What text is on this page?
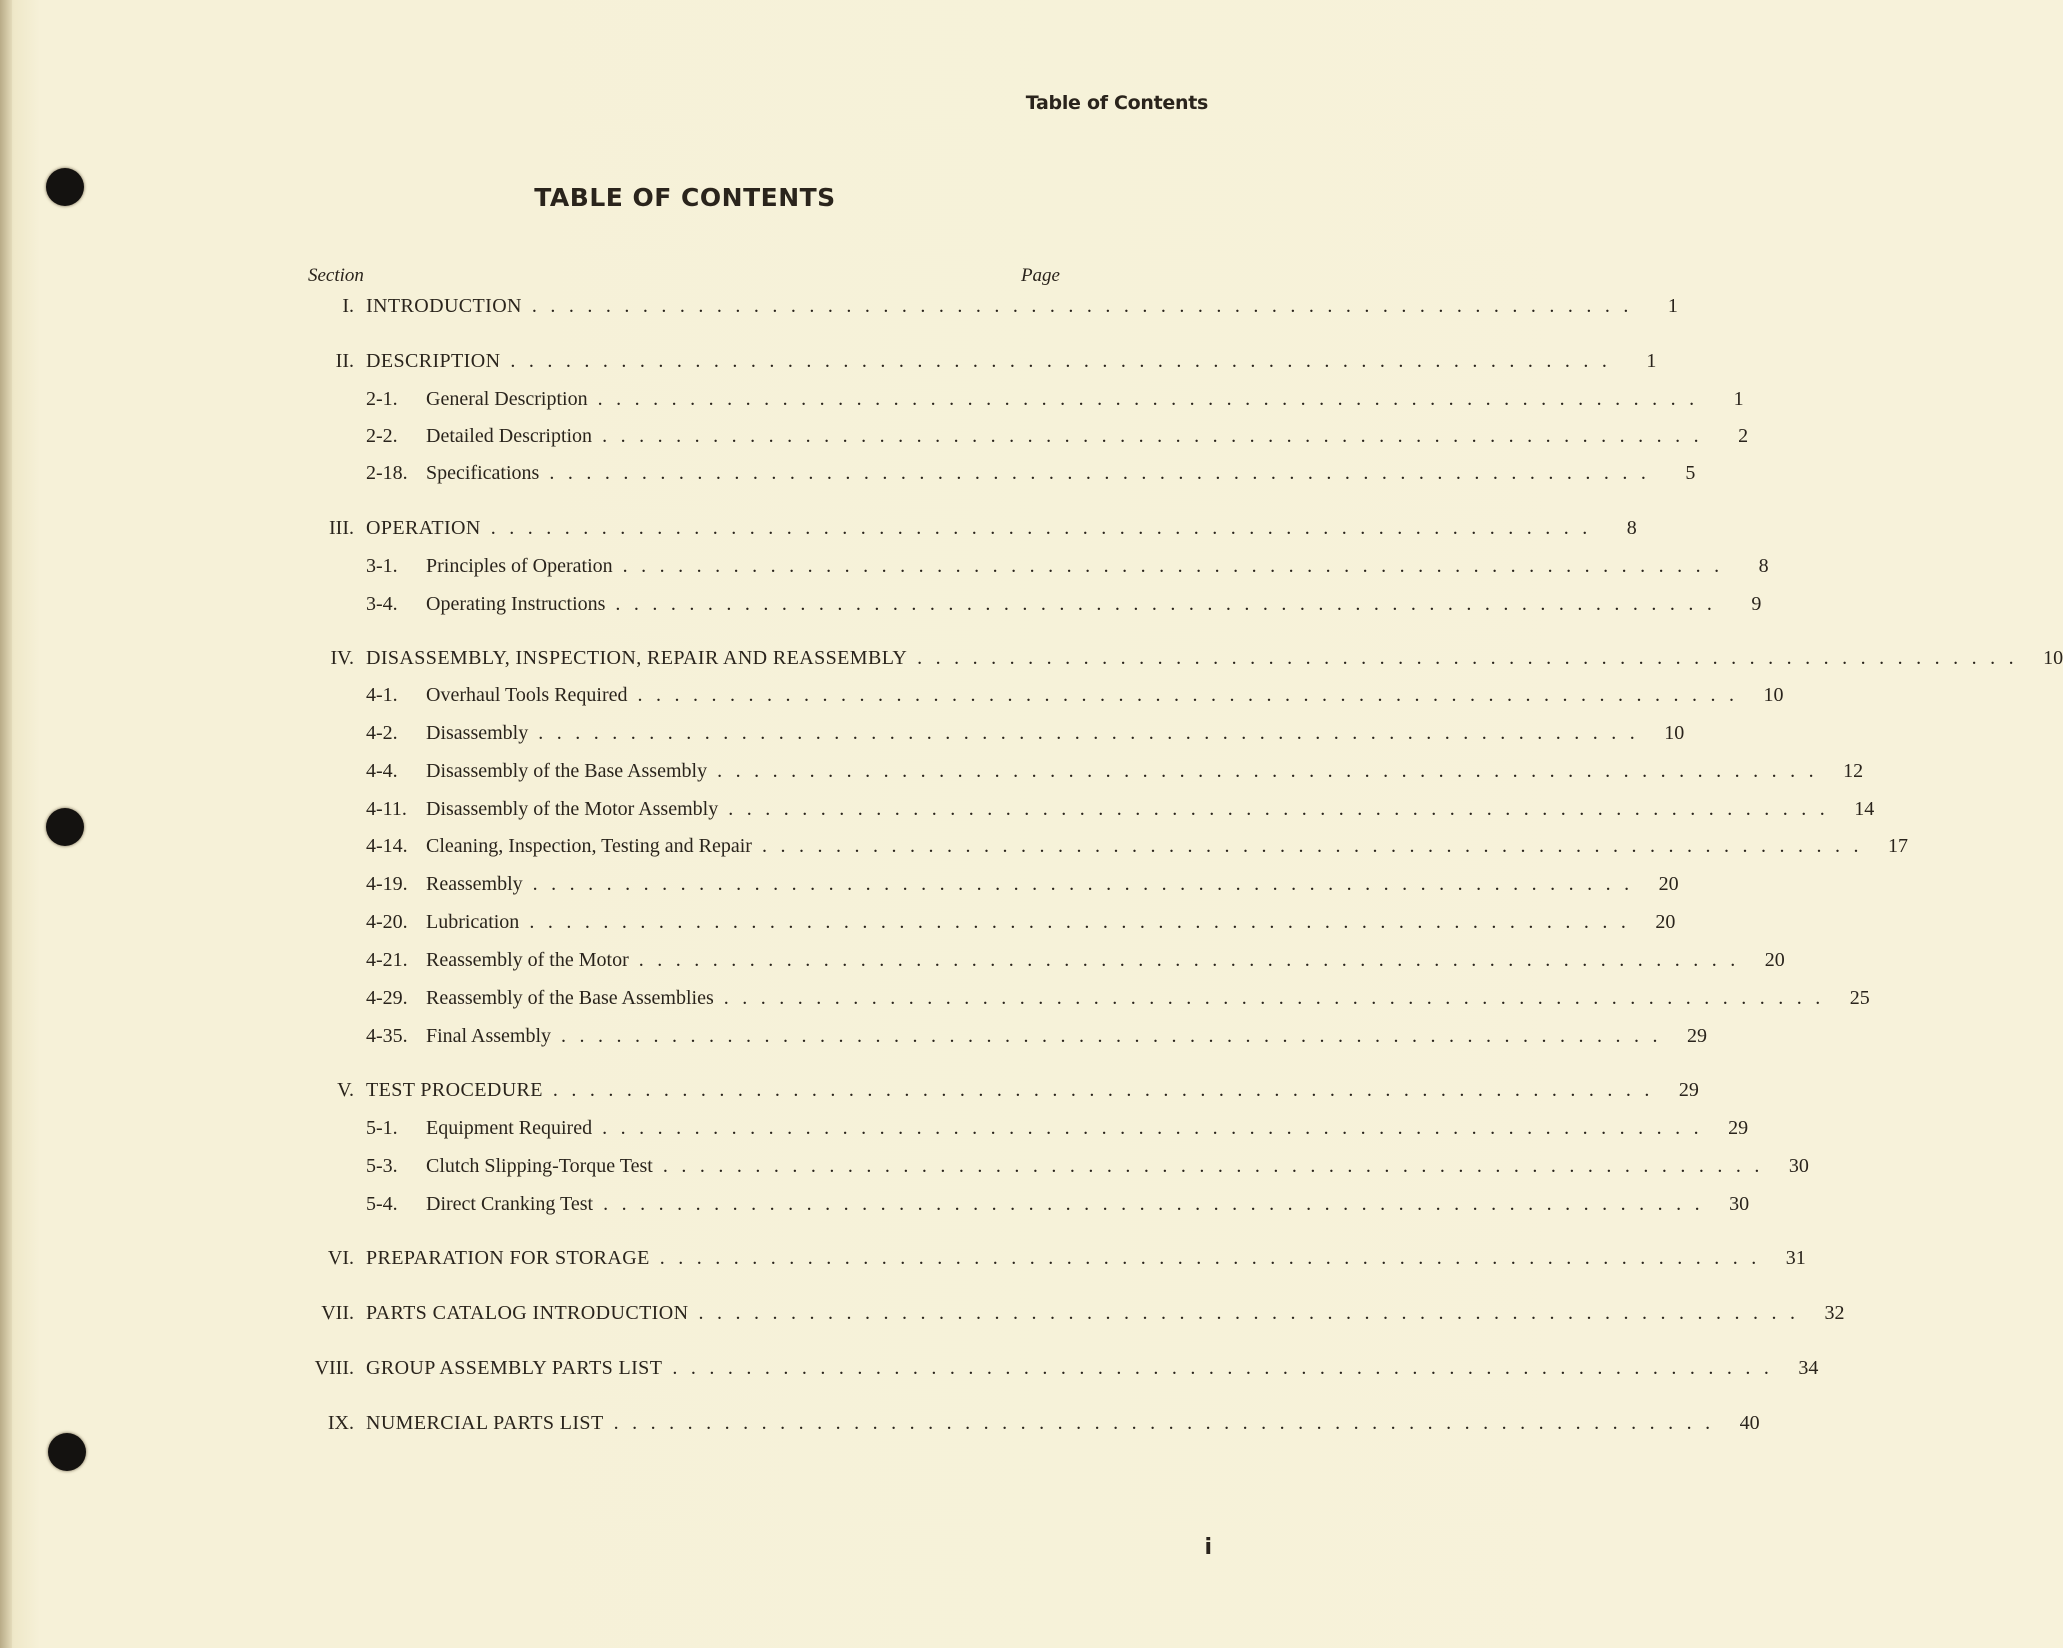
Table of Contents
TABLE OF CONTENTS
Section	Page
I. INTRODUCTION ............................................................	1
II. DESCRIPTION ............................................................	1
2-1.	General Description ............................................................	1
2-2.	Detailed Description ............................................................	2
2-18. Specifications ............................................................	5
III. OPERATION ............................................................	8
3-1.	Principles of Operation ............................................................	8
3-4.	Operating Instructions ............................................................	9
IV. DISASSEMBLY, INSPECTION, REPAIR AND REASSEMBLY ............................................................ 10
4-1.	Overhaul Tools Required ............................................................ 10
4-2.	Disassembly ............................................................ 10
4-4.	Disassembly of the Base Assembly ............................................................ 12
4-11. Disassembly of the Motor Assembly ............................................................ 14
4-14. Cleaning, Inspection, Testing and Repair ............................................................ 17
4-19. Reassembly ............................................................ 20
4-20. Lubrication ............................................................ 20
4-21. Reassembly of the Motor ............................................................ 20
4-29. Reassembly of the Base Assemblies ............................................................ 25
4-35. Final Assembly ............................................................ 29
V. TEST PROCEDURE ............................................................ 29
5-1.	Equipment Required ............................................................ 29
5-3.	Clutch Slipping-Torque Test ............................................................ 30
5-4.	Direct Cranking Test ............................................................ 30
VI. PREPARATION FOR STORAGE ............................................................ 31
VII. PARTS CATALOG INTRODUCTION ............................................................ 32
VIII. GROUP ASSEMBLY PARTS LIST ............................................................ 34
IX. NUMERCIAL PARTS LIST ............................................................ 40
i
